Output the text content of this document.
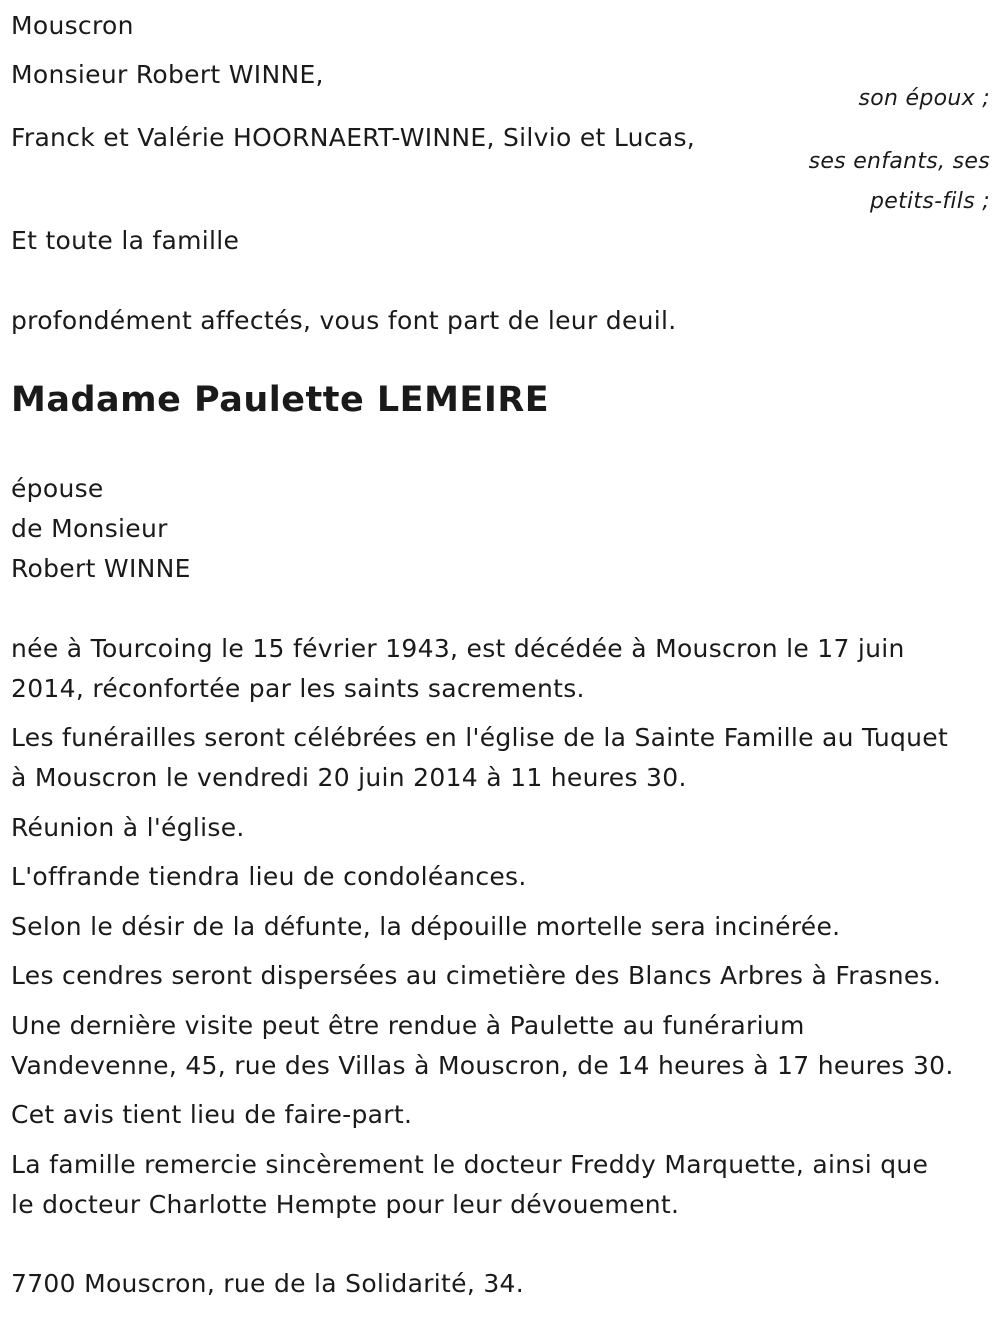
Mouscron
Monsieur Robert WINNE,
son époux ;
Franck et Valérie HOORNAERT-WINNE, Silvio et Lucas,
ses enfants, ses
petits-fils ;
Et toute la famille
profondément affectés, vous font part de leur deuil.
Madame Paulette LEMEIRE
épouse
de Monsieur
Robert WINNE
née à Tourcoing le 15 février 1943, est décédée à Mouscron le 17 juin
2014, réconfortée par les saints sacrements.
Les funérailles seront célébrées en l'église de la Sainte Famille au Tuquet
à Mouscron le vendredi 20 juin 2014 à 11 heures 30.
Réunion à l'église.
L'offrande tiendra lieu de condoléances.
Selon le désir de la défunte, la dépouille mortelle sera incinérée.
Les cendres seront dispersées au cimetière des Blancs Arbres à Frasnes.
Une dernière visite peut être rendue à Paulette au funérarium
Vandevenne, 45, rue des Villas à Mouscron, de 14 heures à 17 heures 30.
Cet avis tient lieu de faire-part.
La famille remercie sincèrement le docteur Freddy Marquette, ainsi que
le docteur Charlotte Hempte pour leur dévouement.
7700 Mouscron, rue de la Solidarité, 34.
